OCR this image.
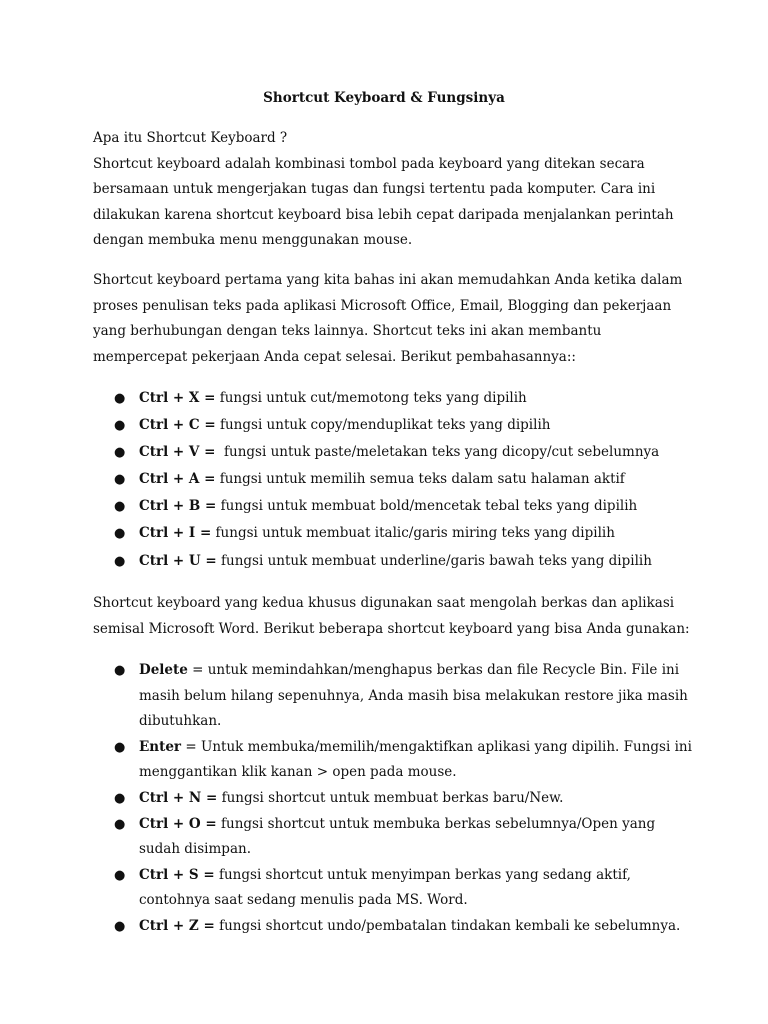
Shortcut Keyboard & Fungsinya

Apa itu Shortcut Keyboard ?

Shortcut keyboard adalah kombinasi tombol pada keyboard yang ditekan secara bersamaan untuk mengerjakan tugas dan fungsi tertentu pada komputer. Cara ini dilakukan karena shortcut keyboard bisa lebih cepat daripada menjalankan perintah dengan membuka menu menggunakan mouse.

Shortcut keyboard pertama yang kita bahas ini akan memudahkan Anda ketika dalam proses penulisan teks pada aplikasi Microsoft Office, Email, Blogging dan pekerjaan yang berhubungan dengan teks lainnya. Shortcut teks ini akan membantu mempercepat pekerjaan Anda cepat selesai. Berikut pembahasannya::

● Ctrl + X = fungsi untuk cut/memotong teks yang dipilih
● Ctrl + C = fungsi untuk copy/menduplikat teks yang dipilih
● Ctrl + V =  fungsi untuk paste/meletakan teks yang dicopy/cut sebelumnya
● Ctrl + A = fungsi untuk memilih semua teks dalam satu halaman aktif
● Ctrl + B = fungsi untuk membuat bold/mencetak tebal teks yang dipilih
● Ctrl + I = fungsi untuk membuat italic/garis miring teks yang dipilih
● Ctrl + U = fungsi untuk membuat underline/garis bawah teks yang dipilih

Shortcut keyboard yang kedua khusus digunakan saat mengolah berkas dan aplikasi semisal Microsoft Word. Berikut beberapa shortcut keyboard yang bisa Anda gunakan:

● Delete = untuk memindahkan/menghapus berkas dan file Recycle Bin. File ini masih belum hilang sepenuhnya, Anda masih bisa melakukan restore jika masih dibutuhkan.
● Enter = Untuk membuka/memilih/mengaktifkan aplikasi yang dipilih. Fungsi ini menggantikan klik kanan > open pada mouse.
● Ctrl + N = fungsi shortcut untuk membuat berkas baru/New.
● Ctrl + O = fungsi shortcut untuk membuka berkas sebelumnya/Open yang sudah disimpan.
● Ctrl + S = fungsi shortcut untuk menyimpan berkas yang sedang aktif, contohnya saat sedang menulis pada MS. Word.
● Ctrl + Z = fungsi shortcut undo/pembatalan tindakan kembali ke sebelumnya.
